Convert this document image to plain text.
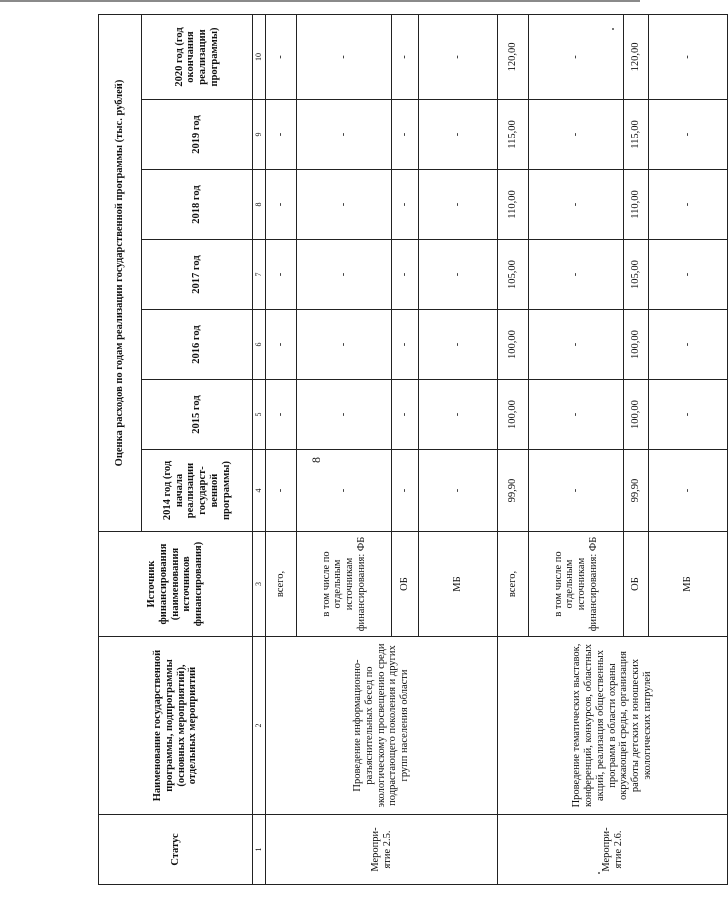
8
Статус	Наименование государственной программы, подпрограммы (основных мероприятий), отдельных мероприятий	Источник финансирования (наименования источников финансирования)	Оценка расходов по годам реализации государственной программы (тыс. рублей)						
			2014 год (год начала реализации государст-венной программы)	2015 год	2016 год	2017 год	2018 год	2019 год	2020 год (год окончания реализации программы)
1	2	3	4	5	6	7	8	9	10
Меропри-ятие 2.5.	Проведение информационно-разъяснительных бесед по экологическому просвещению среди подрастающего поколения и других групп населения области	всего,	-	-	-	-	-	-	-
		в том числе по отдельным источникам финансирования: ФБ	-	-	-	-	-	-	-
		ОБ	-	-	-	-	-	-	-
		МБ	-	-	-	-	-	-	-
Меропри-ятие 2.6.	Проведение тематических выставок, конференций, конкурсов, областных акций, реализация общественных программ в области охраны окружающей среды, организация работы детских и юношеских экологических патрулей	всего,	99,90	100,00	100,00	105,00	110,00	115,00	120,00
		в том числе по отдельным источникам финансирования: ФБ	-	-	-	-	-	-	-
		ОБ	99,90	100,00	100,00	105,00	110,00	115,00	120,00
		МБ	-	-	-	-	-	-	-
